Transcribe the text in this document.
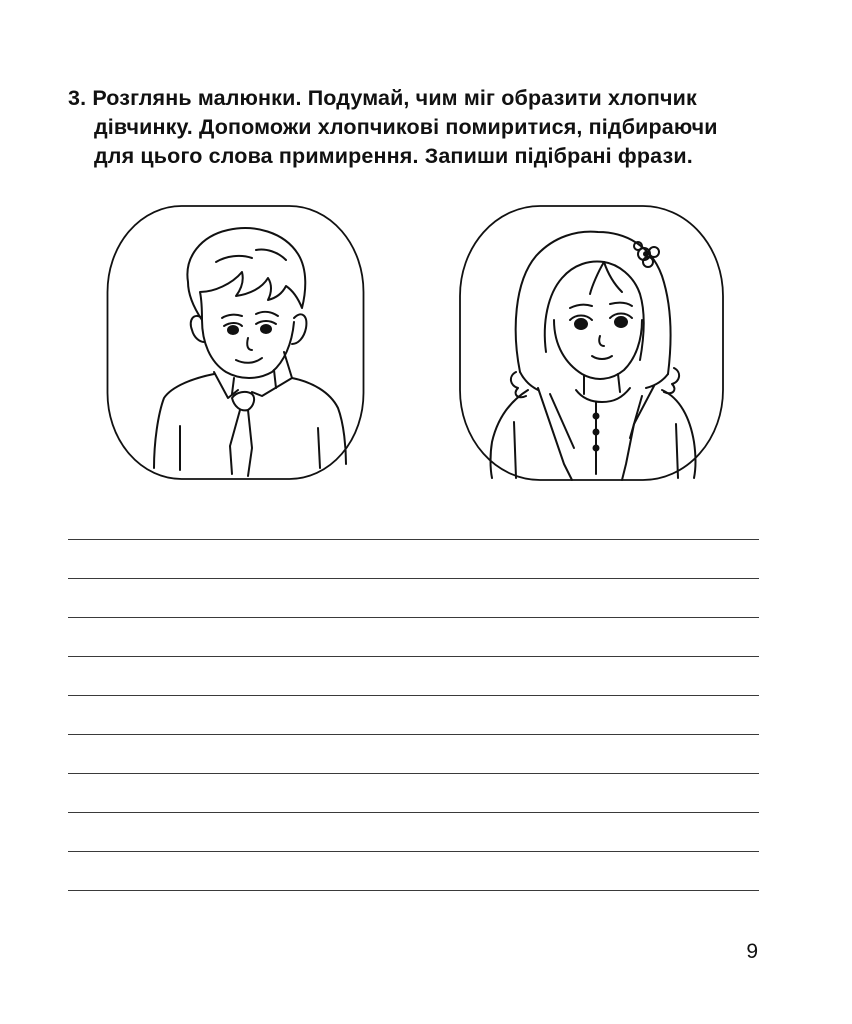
3. Розглянь малюнки. Подумай, чим міг образити хлопчик
дівчинку. Допоможи хлопчикові помиритися, підбираючи
для цього слова примирення. Запиши підібрані фрази.
9
